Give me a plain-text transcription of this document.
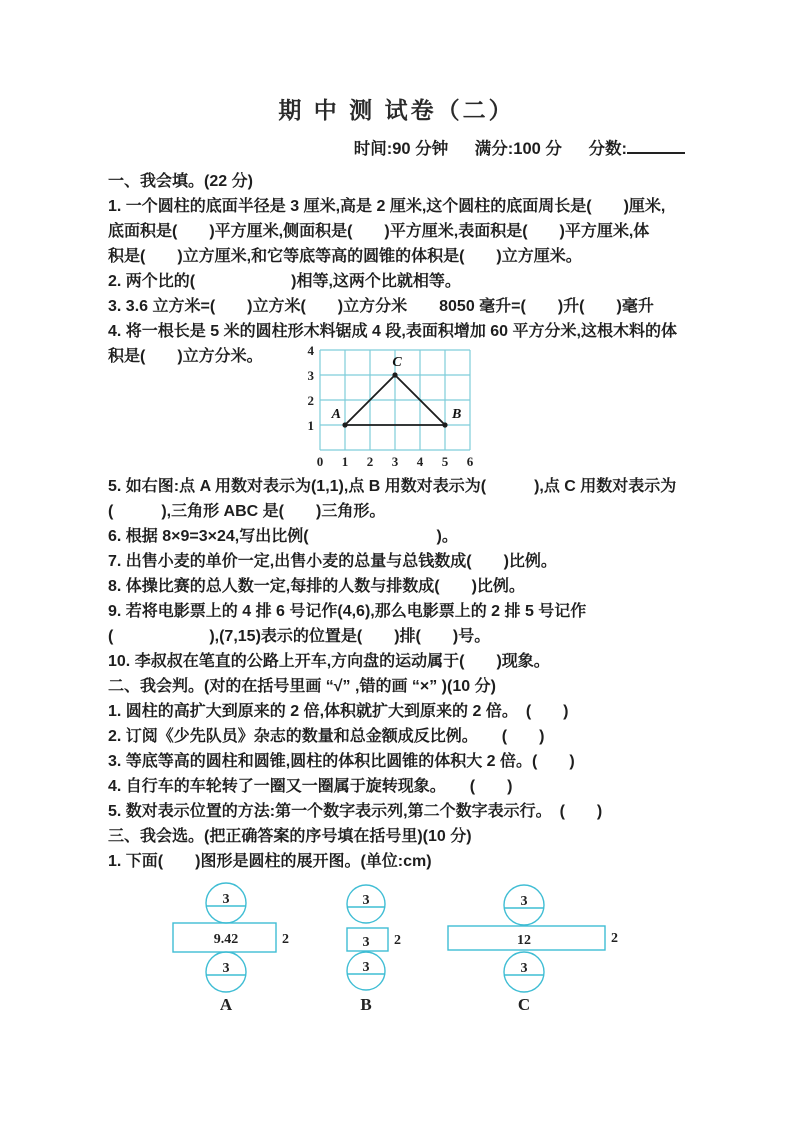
期 中 测 试卷（二）
时间:90 分钟 满分:100 分 分数:

一、我会填。(22 分)

1. 一个圆柱的底面半径是 3 厘米,高是 2 厘米,这个圆柱的底面周长是(　　)厘米,

底面积是(　　)平方厘米,侧面积是(　　)平方厘米,表面积是(　　)平方厘米,体

积是(　　)立方厘米,和它等底等高的圆锥的体积是(　　)立方厘米。

2. 两个比的(　　　　　　)相等,这两个比就相等。

3. 3.6 立方米=(　　)立方米(　　)立方分米　　8050 毫升=(　　)升(　　)毫升

4. 将一根长是 5 米的圆柱形木料锯成 4 段,表面积增加 60 平方分米,这根木料的体

积是(　　)立方分米。	4
3
2
1
0 1 2 3 4 5 6
A	B
C

5. 如右图:点 A 用数对表示为(1,1),点 B 用数对表示为(　　　),点 C 用数对表示为

(　　　),三角形 ABC 是(　　)三角形。

6. 根据 8×9=3×24,写出比例(　　　　　　　　)。

7. 出售小麦的单价一定,出售小麦的总量与总钱数成(　　)比例。

8. 体操比赛的总人数一定,每排的人数与排数成(　　)比例。

9. 若将电影票上的 4 排 6 号记作(4,6),那么电影票上的 2 排 5 号记作

(　　　　　　),(7,15)表示的位置是(　　)排(　　)号。

10. 李叔叔在笔直的公路上开车,方向盘的运动属于(　　)现象。

二、我会判。(对的在括号里画 “√” ,错的画 “×” )(10 分)

1. 圆柱的高扩大到原来的 2 倍,体积就扩大到原来的 2 倍。　(　　)

2. 订阅《少先队员》杂志的数量和总金额成反比例。　　(　　)

3. 等底等高的圆柱和圆锥,圆柱的体积比圆锥的体积大 2 倍。(　　)

4. 自行车的车轮转了一圈又一圈属于旋转现象。　　(　　)

5. 数对表示位置的方法:第一个数字表示列,第二个数字表示行。　(　　)

三、我会选。(把正确答案的序号填在括号里)(10 分)

1. 下面(　　)图形是圆柱的展开图。(单位:cm)

3
9.42	2
3
A
3
3 2
3
B
3
12	2
3
C
